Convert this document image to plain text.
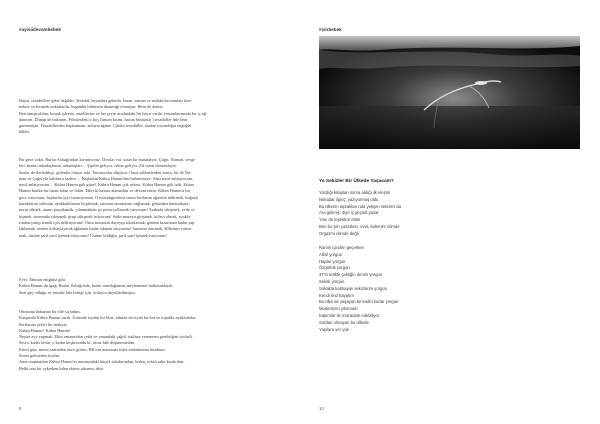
#ayisiidevambebek

Hayat, tesadüflere gebe değildir. Tesadüf, hayatlara gebedir. İnsan, zaman ve mekân kavramları kon-

nektör ve kesmek noktalardır, bugünkü bilimizin dinamiği olmuştur. Hem de daima.

Ben tanıştırıldım, konuk işlerim, emeklerim ve her şeyin aradındaki bir hayır vardır yorumlarımızda bu iç ağ-

danırım. Dönüp de bakınım. Filmlerdeki o boş (hasım kısmı, hazım büstünü) ) tesadüfler bile bent

gerenmiştir. Tesadüflerden başlanmam, anlayacağınız. Çünkü tesadüfler, aradan tiryandığın engüğül

hâldir:

Bir gece vakti. Burlar Sokağı'ndan kıvanıyoruz. Dostlar var, uzun bir masadayız. Çağrı, Numan, sevgi-

leri, benim arkadaşlarım, arkadaşları… Şişeler geliyor, cıklar geliyor. Zil saxın durumdayız.

Sazlar de ilerledikçe, gidenler oluyor tabi. Tanıtıyorlar düşüyor. Onca sohbetlerden sonra, bir de Nu-

man ve Çağrı'yla kaldınca sadece… Başladım Kübra Hanım'dan bahsetmeye. Ama nasıl anlatıyorum,

nasıl anlatıyorum… Kübra Hanım gök güzel, Kübra Hanım çok sekesi, Kübra Hanım gök tatlı, Kübra

Hanım harika bir insan falan ve falan. Tabii ki hasına alamadım ve devam ettim: Kübra Hanım'a bir

gece istiyorum, haykırlar şeyi istemiyorum. O misinkgecitimi sarası kırtlarını ağzımla indirmek, boğazlı

kazaklarını yakmak, ayakkabılarına boşalmak, sarısına oturmasını sağlamak, götünden karartakara-

nortu silmek, anımı parçalamak, çılanmaktan işi posta yollamak istiyorum! Arabada sikişmek, evde si-

kişmek, sinemada sikişmek, grup sikişmek istiyorum! Sado-mazoya girişmek, köleci olmak, ayakla-

rından yanıp izmek için delirtiyorum! Onca masasını dayayıp tokatlamak, götünü kızarttana kadar şap-

laklamak, sertten kırbaçlayarak ağlatana kadar sikmek istiyorum! Sureinta attırmak, d0lletimi yuttur-

mak, üstüne şarıl şarıl işemek istiyorum! Üstüne bildiğin, şarıl şarıl işemek istiyorum!

Evet. Tahmin ettiğiniz gibi.

Kübra Hanım da aşağı Burlar Sokağı'nda, bizim oturduğumuz meyhanenin halkasındaydı.

Saat geç olduğu ve mizalir bile bittiği için, kolayca duyulabilmişim.

Omzuma dokunan bir elle sıçradım.

Karşımda Kübra Hanım vardı. Üstünde siyahlı bir bluz, altında da siyah bir kot ve topuklu ayakkabılar.

Sertlarına çekici bir makyaj.

Kübra Hanım? Kübra Hanım!

Neşter ayy yapmak. Elini omzumdan çekti ve yanındaki çağdı, istifana verenmen gerektiğini söyledi.

Sesi o kadar kesin, o kadar keşkesondu ki, itiraz bile düşünemedim.

Ertesi gün, mesai saatinden önce gittim, BK'nin masasına istifa mektubumu bıraktım.

Sonra gelmeden tiydim.

Ama unutmadım Kübra Hanım'ın masasındaki küçük tokalarından, birkaç tokalı tabii kızdırdım.

Belki onu bir çekerken bilen ekime takarım, diye.

9
#şiirbebek
Ya Sekizler Bir Ülkede Yaşasam?

Yazdığı kitapları sonra aldığı ilk eleştiri

Nekadar ilginç; yazıyormuş oldu

Bu ülkenin toprakları nda yetişen sekizler da

Ara gelimiş: diye iç geçirdi yazar

Yine de teşekkür ettim

Ben bu şiiri yazarken, evet, kalemim elimde

Orgazmı elimde değil.

Ramin içinden geçerken

Alkol yorgun

Haplar yorgun

Özgürlük yorgun

3T'in tetikte çektiğin demin yorgun

Seksk yorgun

Sokakta kalmayan sekizlerim yorgun

Kendi rind hayatım

Bu ülke de yaşayan bir kadın kadar yorgun

Modernizm yıkılmadı

Kalemlar ile mücadele edebiliyor

Sırtdan olmayan bu ülkede

Yaşılara yer yok

10
